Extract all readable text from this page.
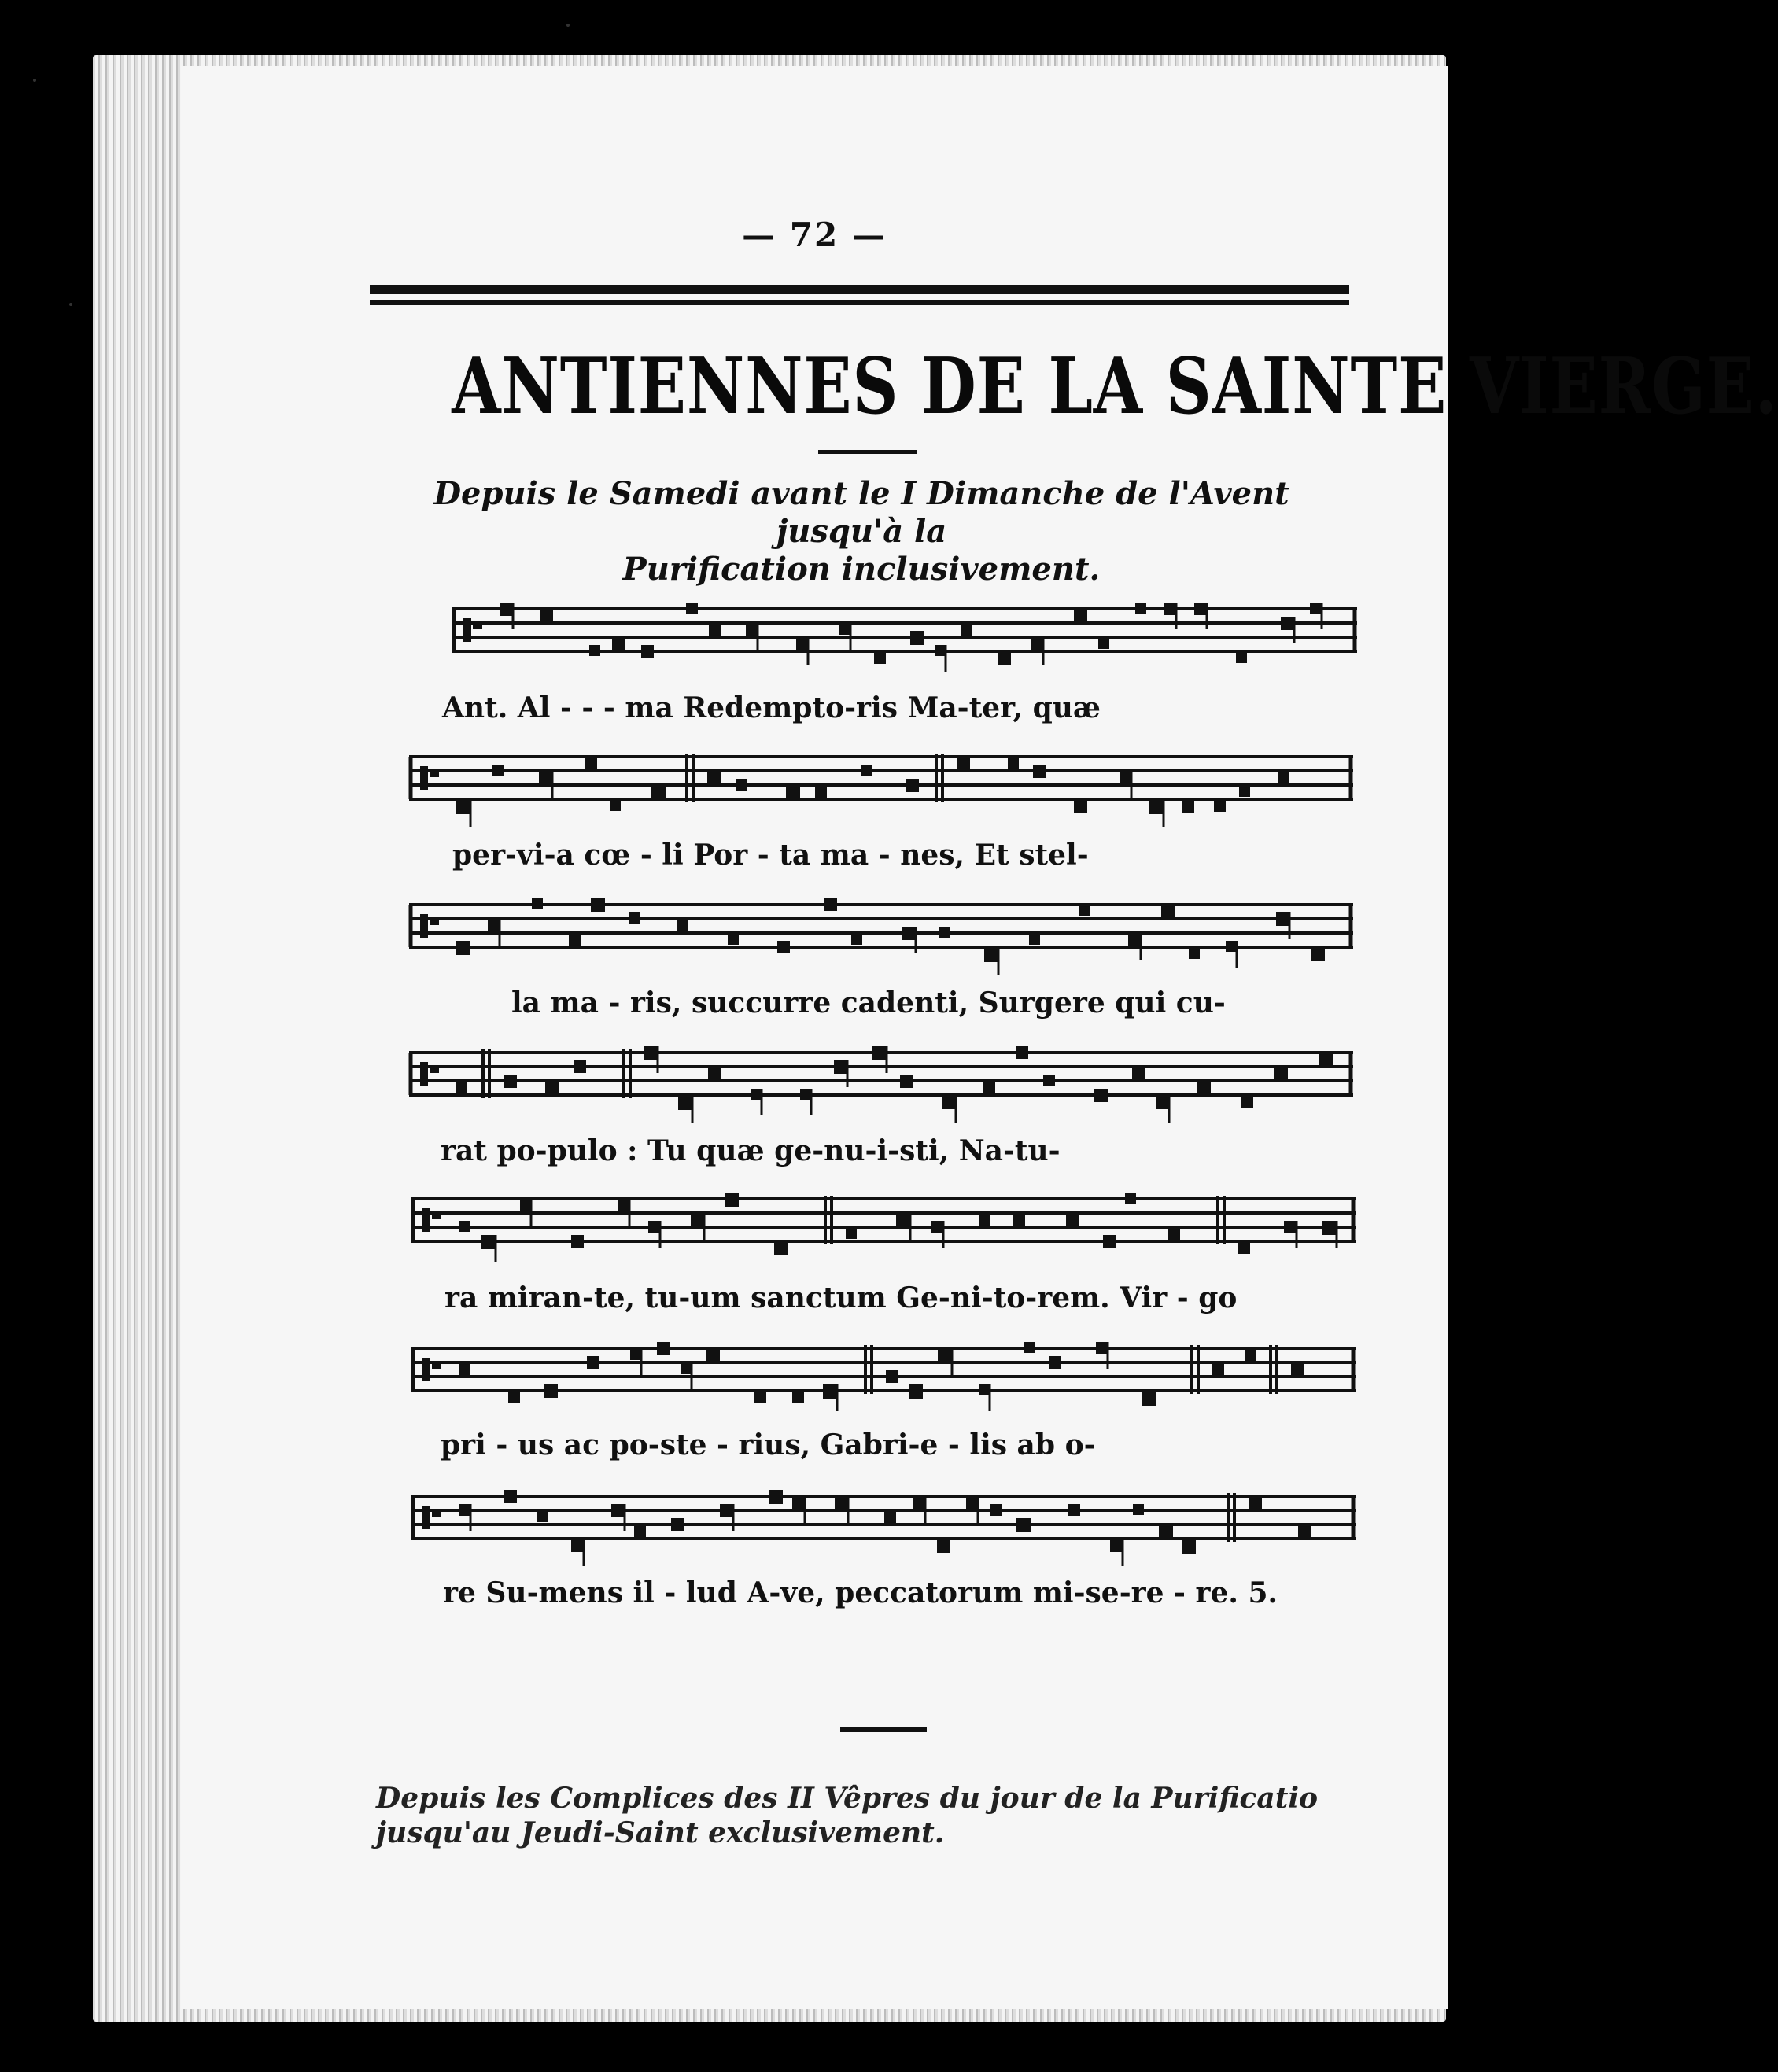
— 72 —
ANTIENNES DE LA SAINTE VIERGE.
Depuis le Samedi avant le I Dimanche de l'Avent jusqu'à la
Purification inclusivement.
Ant. Al - - - ma Redempto-ris Ma-ter, quæ
per-vi-a cœ - li Por - ta ma - nes, Et stel-
la ma - ris, succurre cadenti, Surgere qui cu-
rat po-pulo : Tu quæ ge-nu-i-sti, Na-tu-
ra miran-te, tu-um sanctum Ge-ni-to-rem. Vir - go
pri - us ac po-ste - rius, Gabri-e - lis ab o-
re Su-mens il - lud A-ve, peccatorum mi-se-re - re. 5.
Depuis les Complices des II Vêpres du jour de la Purificatio
jusqu'au Jeudi-Saint exclusivement.
